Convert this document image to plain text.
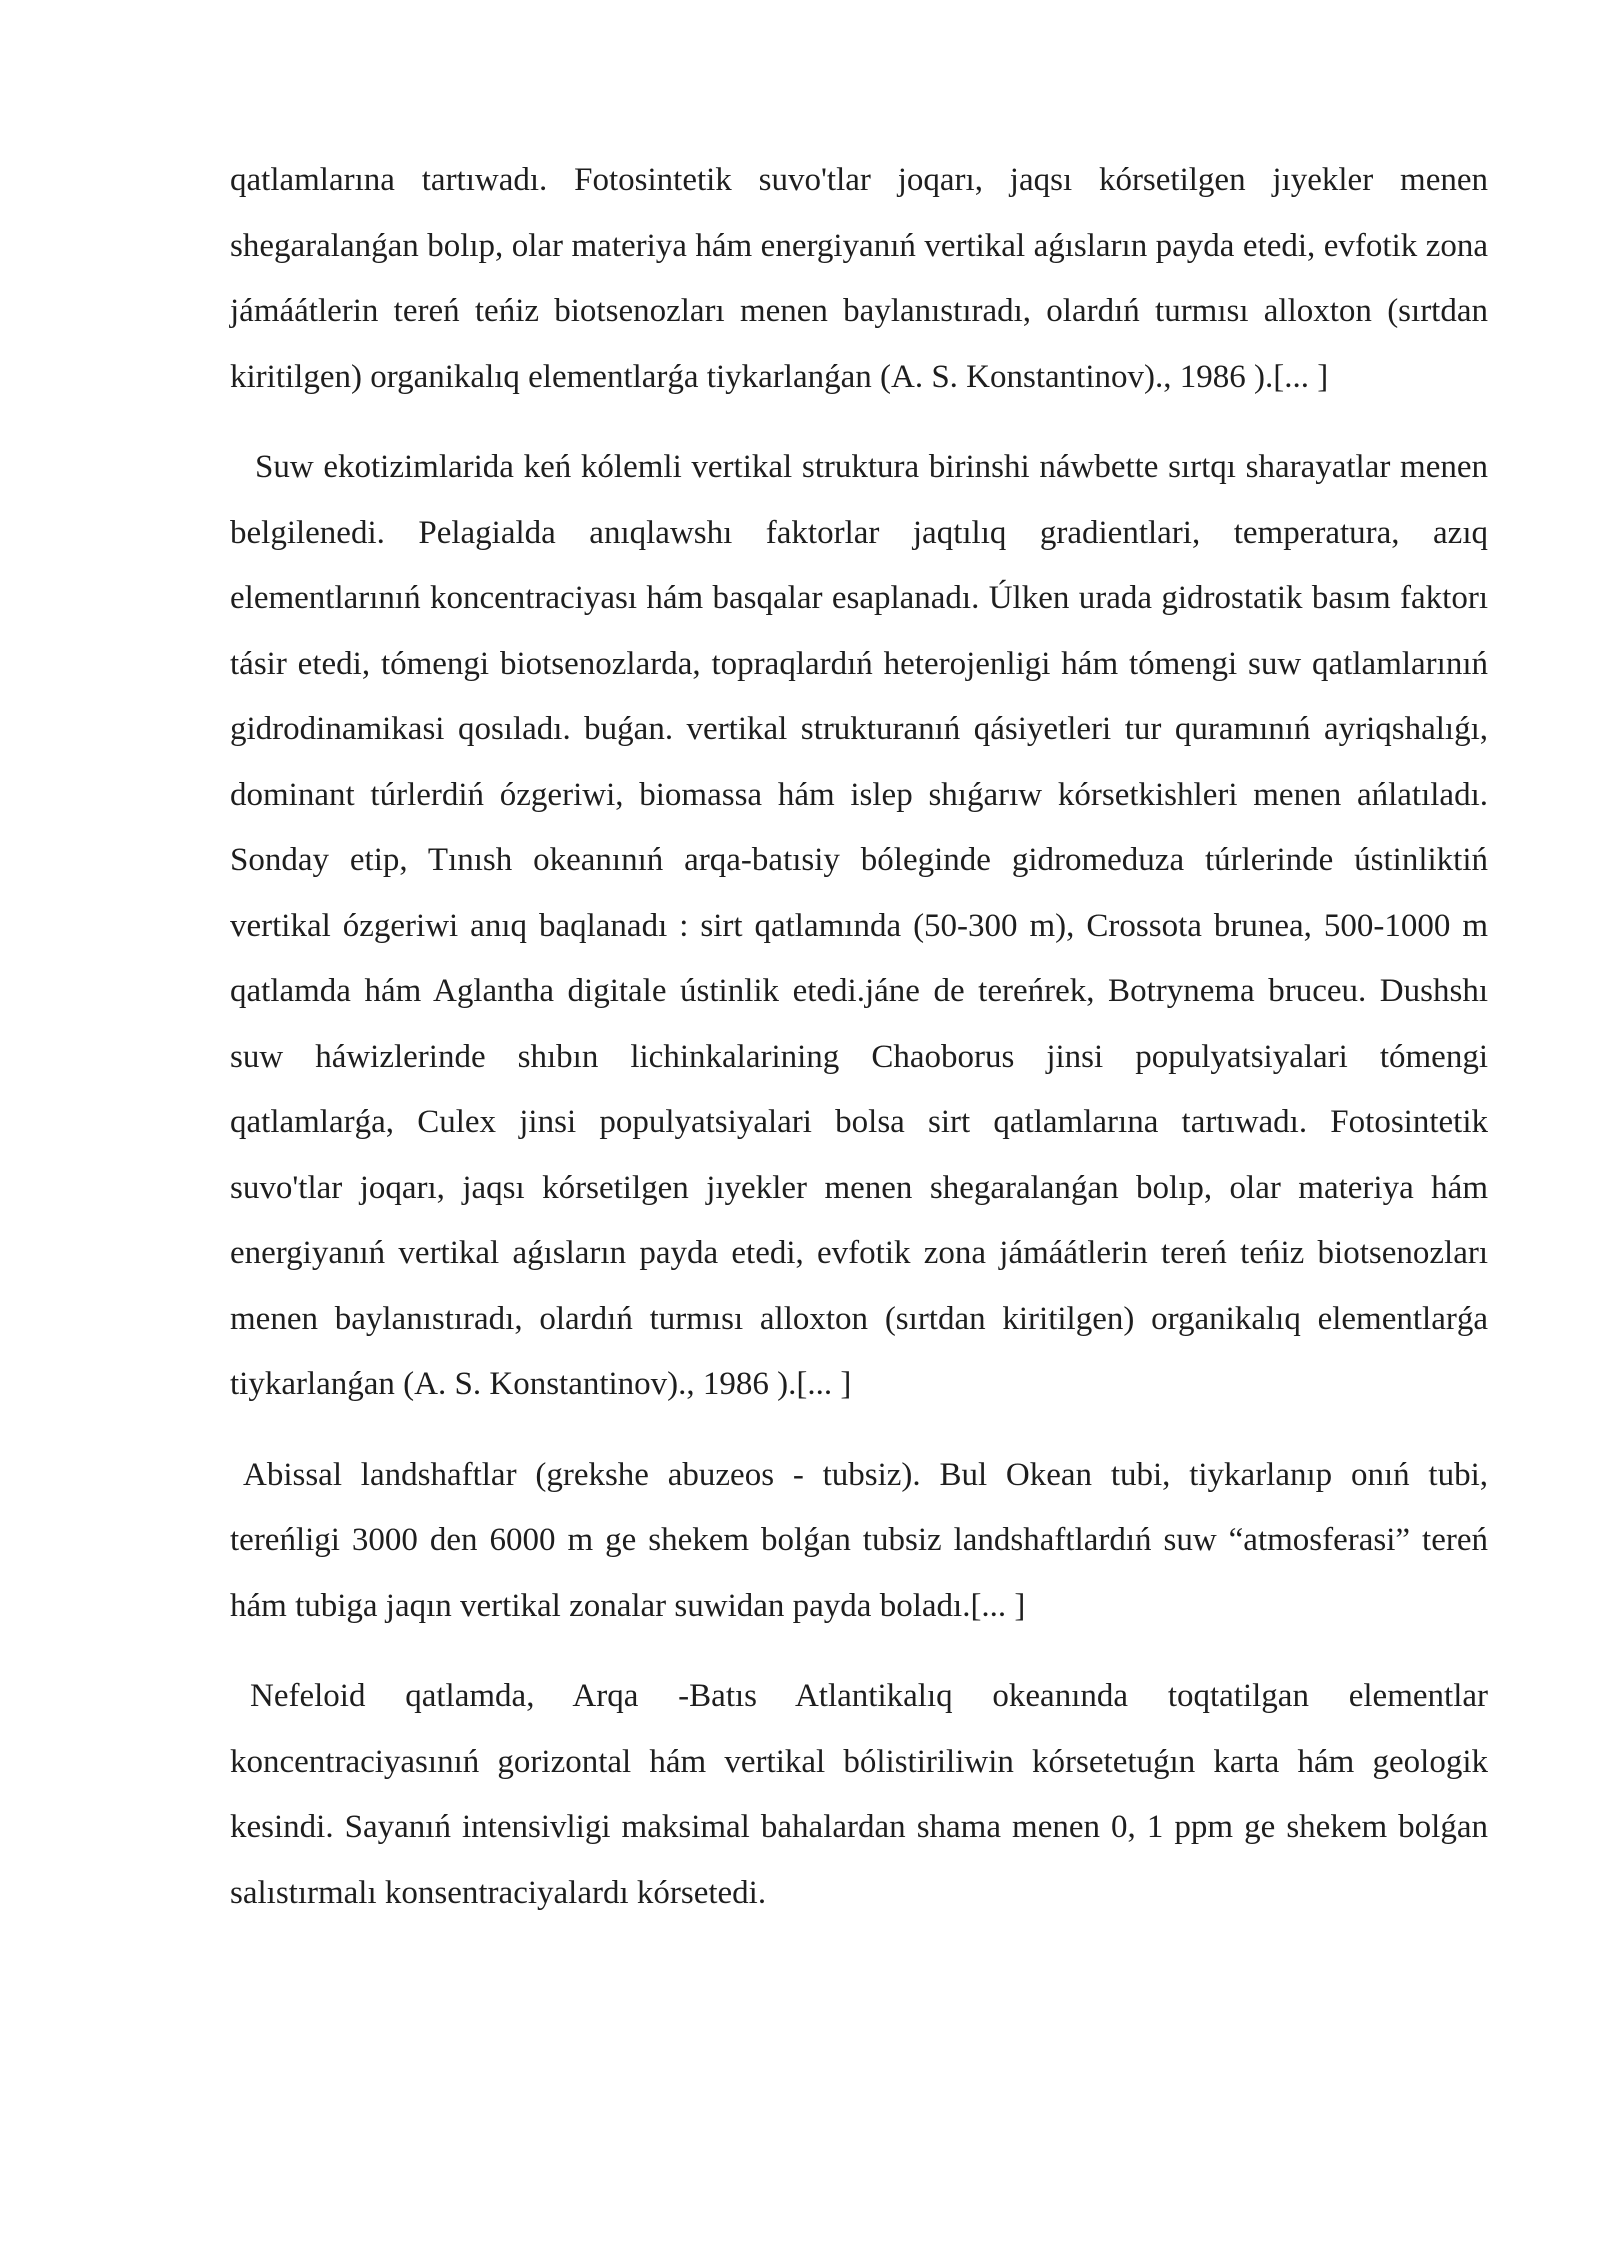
qatlamlarına tartıwadı. Fotosintetik suvo'tlar joqarı, jaqsı kórsetilgen jıyekler menen shegaralanǵan bolıp, olar materiya hám energiyanıń vertikal aǵısların payda etedi, evfotik zona jámáátlerin tereń teńiz biotsenozları menen baylanıstıradı, olardıń turmısı alloxton (sırtdan kiritilgen) organikalıq elementlarǵa tiykarlanǵan (A. S. Konstantinov)., 1986 ).[... ]

Suw ekotizimlarida keń kólemli vertikal struktura birinshi náwbette sırtqı sharayatlar menen belgilenedi. Pelagialda anıqlawshı faktorlar jaqtılıq gradientlari, temperatura, azıq elementlarınıń koncentraciyası hám basqalar esaplanadı. Úlken urada gidrostatik basım faktorı tásir etedi, tómengi biotsenozlarda, topraqlardıń heterojenligi hám tómengi suw qatlamlarınıń gidrodinamikasi qosıladı. buǵan. vertikal strukturanıń qásiyetleri tur quramınıń ayriqshalıǵı, dominant túrlerdiń ózgeriwi, biomassa hám islep shıǵarıw kórsetkishleri menen ańlatıladı. Sonday etip, Tınısh okeanınıń arqa-batısiy bóleginde gidromeduza túrlerinde ústinliktiń vertikal ózgeriwi anıq baqlanadı : sirt qatlamında (50-300 m), Crossota brunea, 500-1000 m qatlamda hám Aglantha digitale ústinlik etedi.jáne de tereńrek, Botrynema bruceu. Dushshı suw háwizlerinde shıbın lichinkalarining Chaoborus jinsi populyatsiyalari tómengi qatlamlarǵa, Culex jinsi populyatsiyalari bolsa sirt qatlamlarına tartıwadı. Fotosintetik suvo'tlar joqarı, jaqsı kórsetilgen jıyekler menen shegaralanǵan bolıp, olar materiya hám energiyanıń vertikal aǵısların payda etedi, evfotik zona jámáátlerin tereń teńiz biotsenozları menen baylanıstıradı, olardıń turmısı alloxton (sırtdan kiritilgen) organikalıq elementlarǵa tiykarlanǵan (A. S. Konstantinov)., 1986 ).[... ]

Abissal landshaftlar (grekshe abuzeos - tubsiz). Bul Okean tubi, tiykarlanıp onıń tubi, tereńligi 3000 den 6000 m ge shekem bolǵan tubsiz landshaftlardıń suw “atmosferasi” tereń hám tubiga jaqın vertikal zonalar suwidan payda boladı.[... ]

Nefeloid qatlamda, Arqa -Batıs Atlantikalıq okeanında toqtatilgan elementlar koncentraciyasınıń gorizontal hám vertikal bólistiriliwin kórsetetuǵın karta hám geologik kesindi. Sayanıń intensivligi maksimal bahalardan shama menen 0, 1 ppm ge shekem bolǵan salıstırmalı konsentraciyalardı kórsetedi.
